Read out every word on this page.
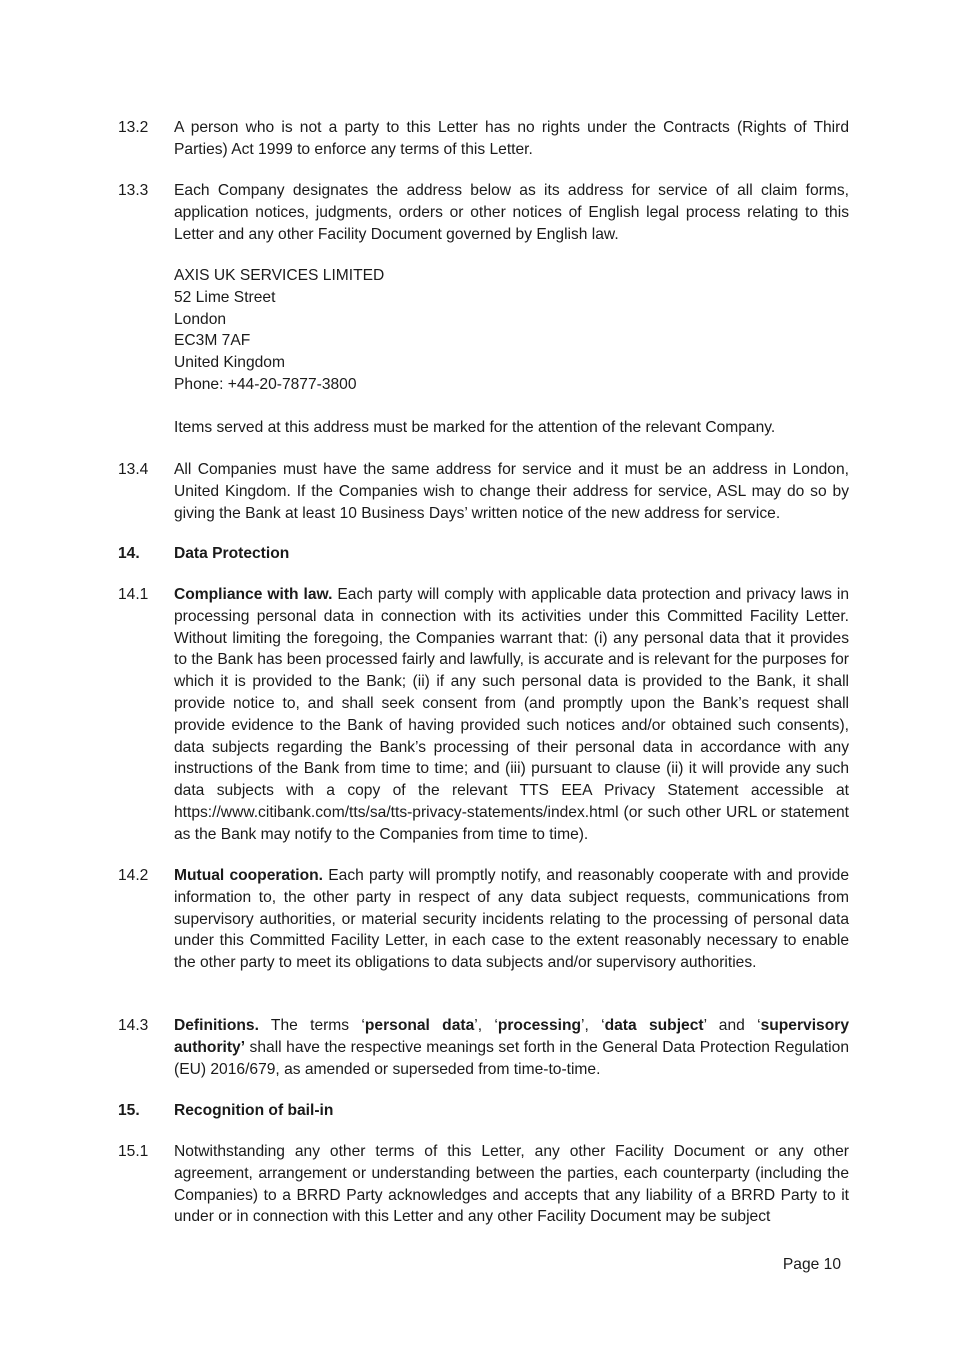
13.2	A person who is not a party to this Letter has no rights under the Contracts (Rights of Third Parties) Act 1999 to enforce any terms of this Letter.
13.3	Each Company designates the address below as its address for service of all claim forms, application notices, judgments, orders or other notices of English legal process relating to this Letter and any other Facility Document governed by English law.
AXIS UK SERVICES LIMITED
52 Lime Street
London
EC3M 7AF
United Kingdom
Phone: +44-20-7877-3800
Items served at this address must be marked for the attention of the relevant Company.
13.4	All Companies must have the same address for service and it must be an address in London, United Kingdom. If the Companies wish to change their address for service, ASL may do so by giving the Bank at least 10 Business Days’ written notice of the new address for service.
14.	Data Protection
14.1	Compliance with law. Each party will comply with applicable data protection and privacy laws in processing personal data in connection with its activities under this Committed Facility Letter. Without limiting the foregoing, the Companies warrant that: (i) any personal data that it provides to the Bank has been processed fairly and lawfully, is accurate and is relevant for the purposes for which it is provided to the Bank; (ii) if any such personal data is provided to the Bank, it shall provide notice to, and shall seek consent from (and promptly upon the Bank’s request shall provide evidence to the Bank of having provided such notices and/or obtained such consents), data subjects regarding the Bank’s processing of their personal data in accordance with any instructions of the Bank from time to time; and (iii) pursuant to clause (ii) it will provide any such data subjects with a copy of the relevant TTS EEA Privacy Statement accessible at https://www.citibank.com/tts/sa/tts-privacy-statements/index.html (or such other URL or statement as the Bank may notify to the Companies from time to time).
14.2	Mutual cooperation. Each party will promptly notify, and reasonably cooperate with and provide information to, the other party in respect of any data subject requests, communications from supervisory authorities, or material security incidents relating to the processing of personal data under this Committed Facility Letter, in each case to the extent reasonably necessary to enable the other party to meet its obligations to data subjects and/or supervisory authorities.
14.3	Definitions. The terms ‘personal data’, ‘processing’, ‘data subject’ and ‘supervisory authority’ shall have the respective meanings set forth in the General Data Protection Regulation (EU) 2016/679, as amended or superseded from time-to-time.
15.	Recognition of bail-in
15.1	Notwithstanding any other terms of this Letter, any other Facility Document or any other agreement, arrangement or understanding between the parties, each counterparty (including the Companies) to a BRRD Party acknowledges and accepts that any liability of a BRRD Party to it under or in connection with this Letter and any other Facility Document may be subject
Page 10
